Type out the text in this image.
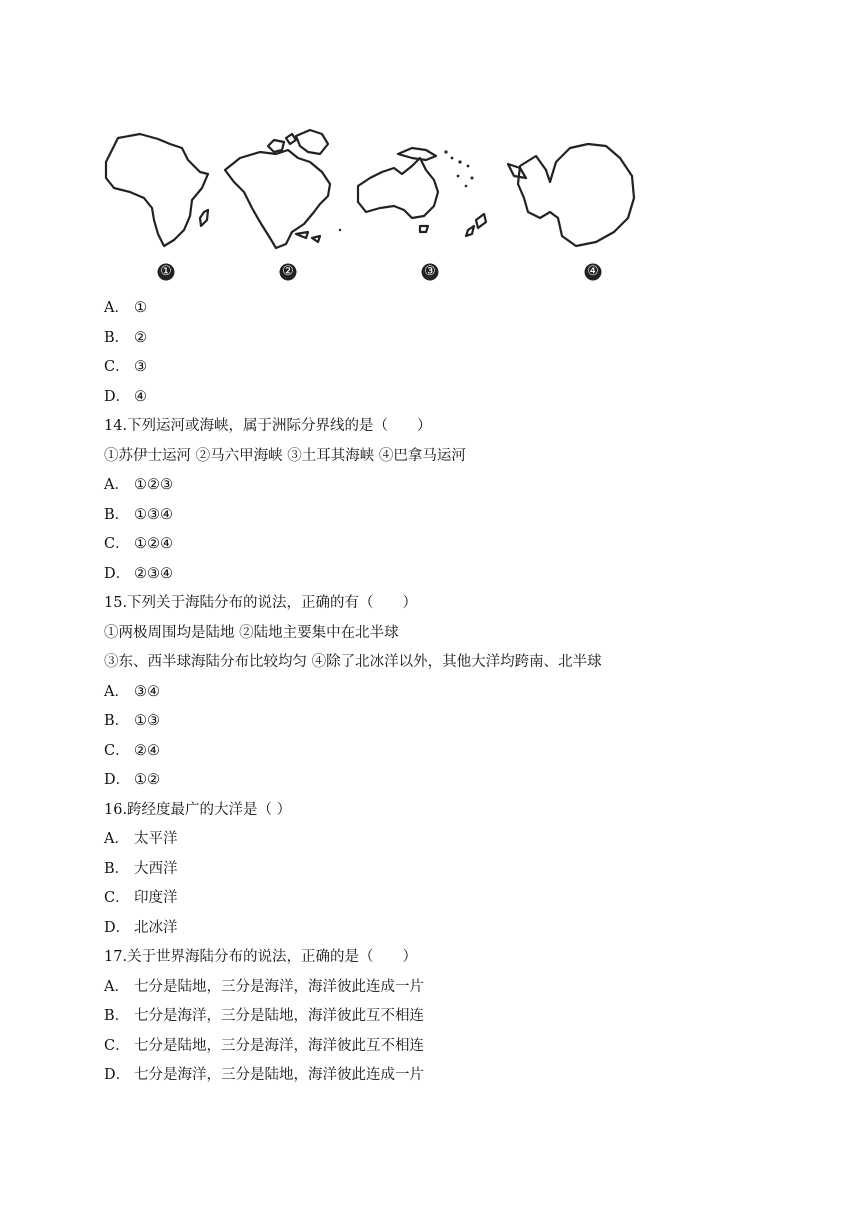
①	②	③	④
A． ①
B． ②
C． ③
D． ④
14.下列运河或海峡，属于洲际分界线的是（　　）
①苏伊士运河 ②马六甲海峡 ③土耳其海峡 ④巴拿马运河
A． ①②③
B． ①③④
C． ①②④
D． ②③④
15.下列关于海陆分布的说法，正确的有（　　）
①两极周围均是陆地 ②陆地主要集中在北半球
③东、西半球海陆分布比较均匀 ④除了北冰洋以外，其他大洋均跨南、北半球
A． ③④
B． ①③
C． ②④
D． ①②
16.跨经度最广的大洋是（ ）
A． 太平洋
B． 大西洋
C． 印度洋
D． 北冰洋
17.关于世界海陆分布的说法，正确的是（　　）
A． 七分是陆地，三分是海洋，海洋彼此连成一片
B． 七分是海洋，三分是陆地，海洋彼此互不相连
C． 七分是陆地，三分是海洋，海洋彼此互不相连
D． 七分是海洋，三分是陆地，海洋彼此连成一片
